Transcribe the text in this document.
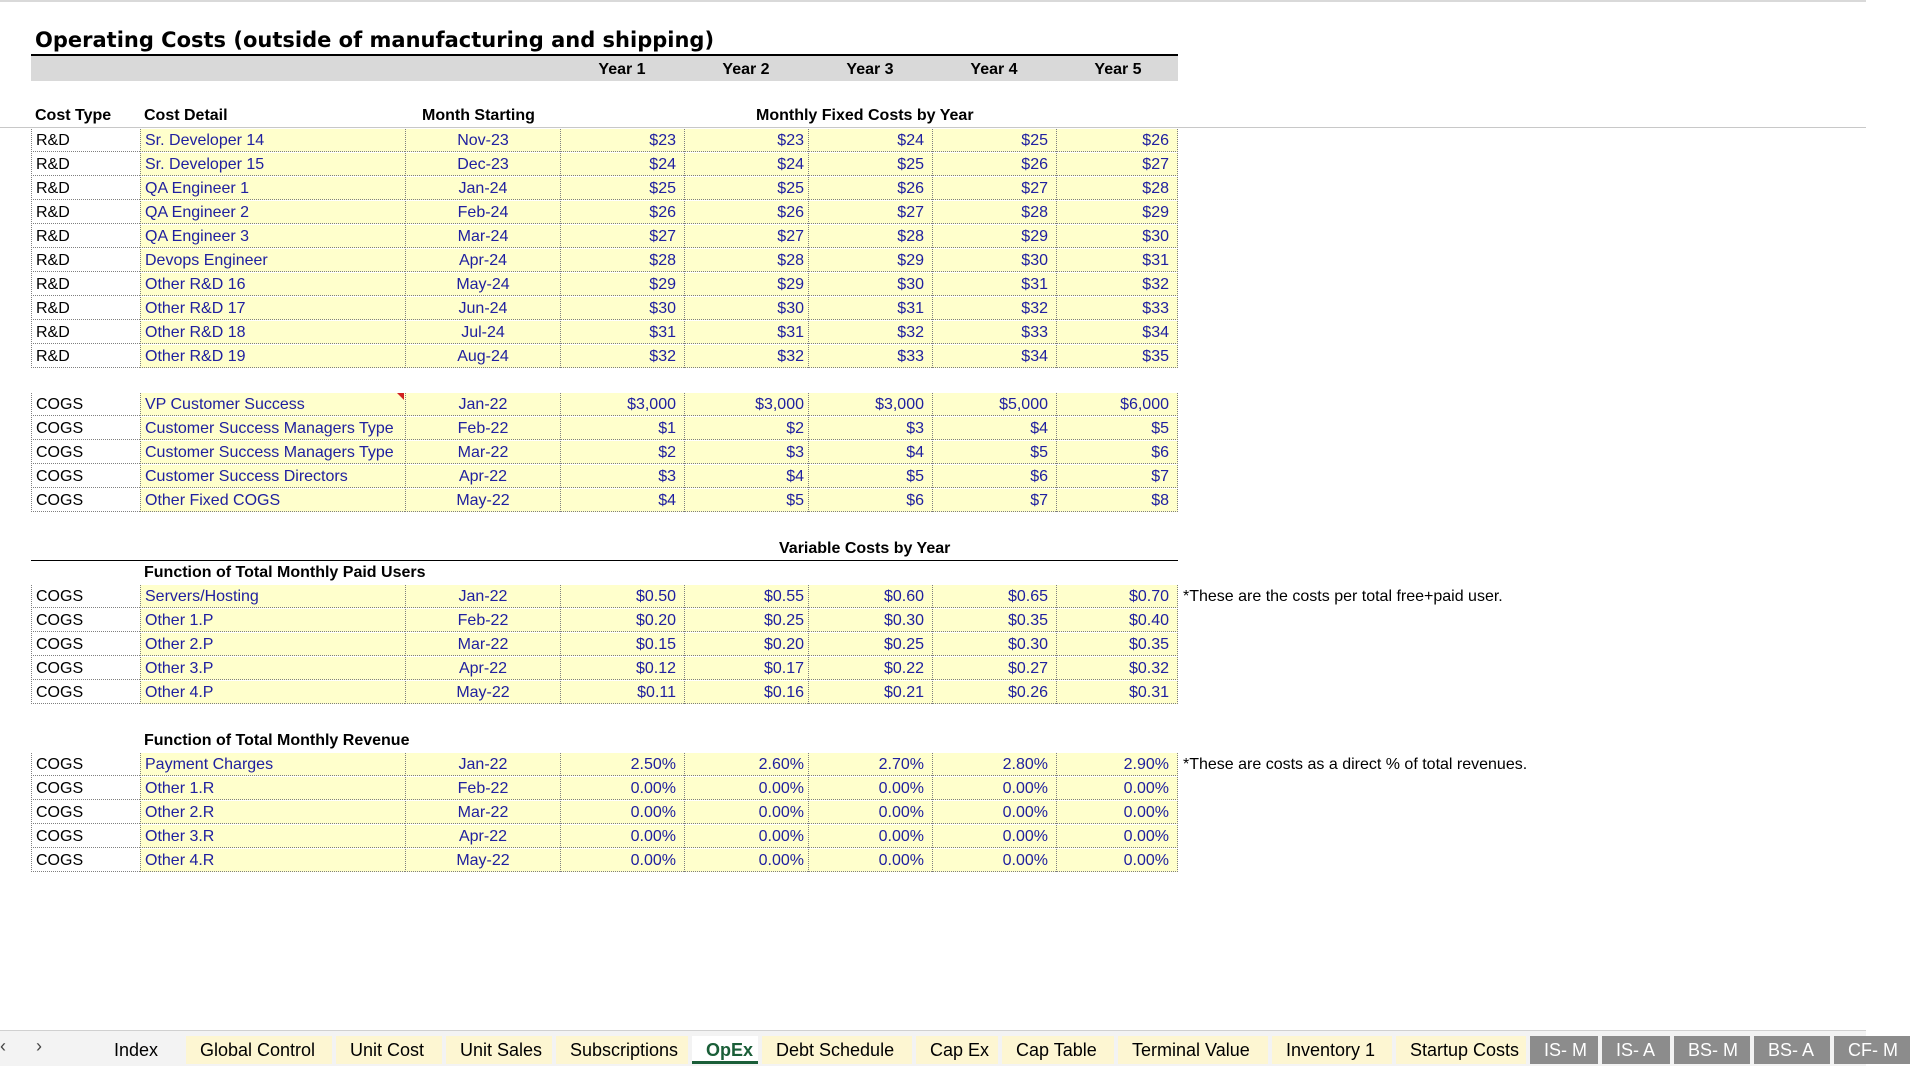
Operating Costs (outside of manufacturing and shipping)
Year 1	Year 2	Year 3	Year 4	Year 5
Cost Type Cost Detail	Month Starting	Monthly Fixed Costs by Year
R&D	Sr. Developer 14	Nov-23	$23	$23	$24	$25	$26
R&D	Sr. Developer 15	Dec-23	$24	$24	$25	$26	$27
R&D	QA Engineer 1	Jan-24	$25	$25	$26	$27	$28
R&D	QA Engineer 2	Feb-24	$26	$26	$27	$28	$29
R&D	QA Engineer 3	Mar-24	$27	$27	$28	$29	$30
R&D	Devops Engineer	Apr-24	$28	$28	$29	$30	$31
R&D	Other R&D 16	May-24	$29	$29	$30	$31	$32
R&D	Other R&D 17	Jun-24	$30	$30	$31	$32	$33
R&D	Other R&D 18	Jul-24	$31	$31	$32	$33	$34
R&D	Other R&D 19	Aug-24	$32	$32	$33	$34	$35
COGS	VP Customer Success	Jan-22	$3,000	$3,000	$3,000	$5,000	$6,000
COGS	Customer Success Managers Type	Feb-22	$1	$2	$3	$4	$5
COGS	Customer Success Managers Type	Mar-22	$2	$3	$4	$5	$6
COGS	Customer Success Directors	Apr-22	$3	$4	$5	$6	$7
COGS	Other Fixed COGS	May-22	$4	$5	$6	$7	$8
Variable Costs by Year
Function of Total Monthly Paid Users
COGS	Servers/Hosting	Jan-22	$0.50	$0.55	$0.60	$0.65	$0.70
COGS	Other 1.P	Feb-22	$0.20	$0.25	$0.30	$0.35	$0.40
COGS	Other 2.P	Mar-22	$0.15	$0.20	$0.25	$0.30	$0.35
COGS	Other 3.P	Apr-22	$0.12	$0.17	$0.22	$0.27	$0.32
COGS	Other 4.P	May-22	$0.11	$0.16	$0.21	$0.26	$0.31
*These are the costs per total free+paid user.
Function of Total Monthly Revenue
COGS	Payment Charges	Jan-22	2.50%	2.60%	2.70%	2.80%	2.90%
COGS	Other 1.R	Feb-22	0.00%	0.00%	0.00%	0.00%	0.00%
COGS	Other 2.R	Mar-22	0.00%	0.00%	0.00%	0.00%	0.00%
COGS	Other 3.R	Apr-22	0.00%	0.00%	0.00%	0.00%	0.00%
COGS	Other 4.R	May-22	0.00%	0.00%	0.00%	0.00%	0.00%
*These are costs as a direct % of total revenues.
‹ ›	Index	Global Control	Unit Cost	Unit Sales	Subscriptions	OpEx	Debt Schedule	Cap Ex	Cap Table	Terminal Value	Inventory 1	Startup Costs	IS- M	IS- A	BS- M	BS- A	CF- M
